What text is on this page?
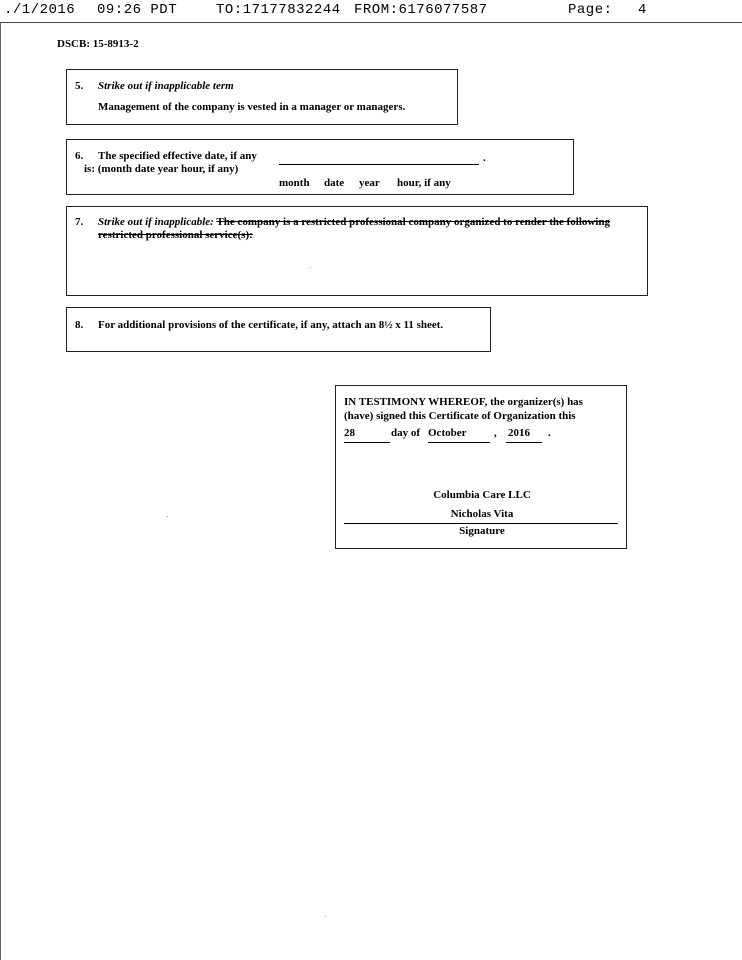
./1/2016 09:26 PDT	TO:17177832244 FROM:6176077587	Page: 4
DSCB: 15-8913-2
5. Strike out if inapplicable term
Management of the company is vested in a manager or managers.
6. The specified effective date, if any
is: (month date year hour, if any)
.
month date year hour, if any
7. Strike out if inapplicable: The company is a restricted professional company organized to render the following
restricted professional service(s):
8. For additional provisions of the certificate, if any, attach an 8½ x 11 sheet.
IN TESTIMONY WHEREOF, the organizer(s) has
(have) signed this Certificate of Organization this
28	day of October	, 2016 .
Columbia Care LLC
Nicholas Vita
Signature
